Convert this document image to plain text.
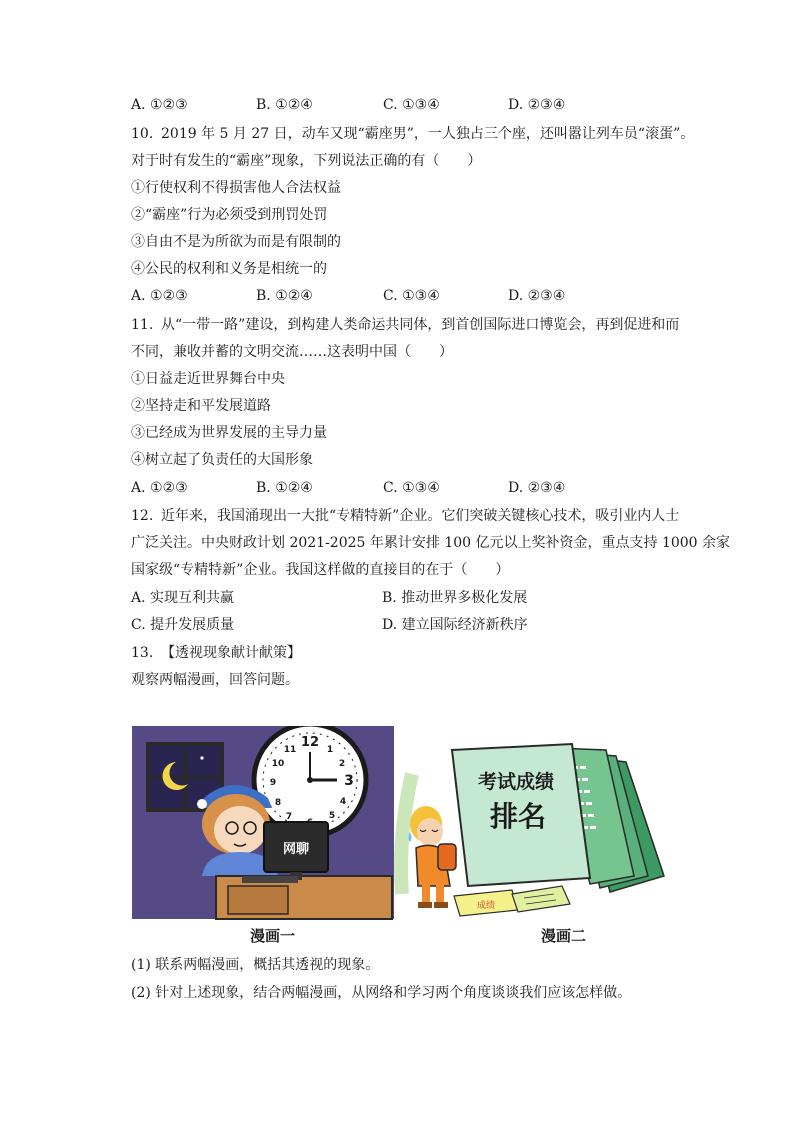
A. ①②③	B. ①②④	C. ①③④	D. ②③④
10. 2019 年 5 月 27 日，动车又现“霸座男”，一人独占三个座，还叫嚣让列车员“滚蛋”。
对于时有发生的“霸座”现象，下列说法正确的有（　　）
①行使权利不得损害他人合法权益
②“霸座”行为必须受到刑罚处罚
③自由不是为所欲为而是有限制的
④公民的权利和义务是相统一的
A. ①②③	B. ①②④	C. ①③④	D. ②③④
11. 从“一带一路”建设，到构建人类命运共同体，到首创国际进口博览会，再到促进和而
不同，兼收并蓄的文明交流……这表明中国（　　）
①日益走近世界舞台中央
②坚持走和平发展道路
③已经成为世界发展的主导力量
④树立起了负责任的大国形象
A. ①②③	B. ①②④	C. ①③④	D. ②③④
12. 近年来，我国涌现出一大批“专精特新”企业。它们突破关键核心技术，吸引业内人士
广泛关注。中央财政计划 2021-2025 年累计安排 100 亿元以上奖补资金，重点支持 1000 余家
国家级“专精特新”企业。我国这样做的直接目的在于（　　）
A. 实现互利共赢	B. 推动世界多极化发展
C. 提升发展质量	D. 建立国际经济新秩序
13. 【透视现象献计献策】
观察两幅漫画，回答问题。
12 1
2
3
4
5
7
8
9
10
11
网聊
考试成绩
排名
成绩
漫画一	漫画二
(1) 联系两幅漫画，概括其透视的现象。
(2) 针对上述现象，结合两幅漫画，从网络和学习两个角度谈谈我们应该怎样做。
